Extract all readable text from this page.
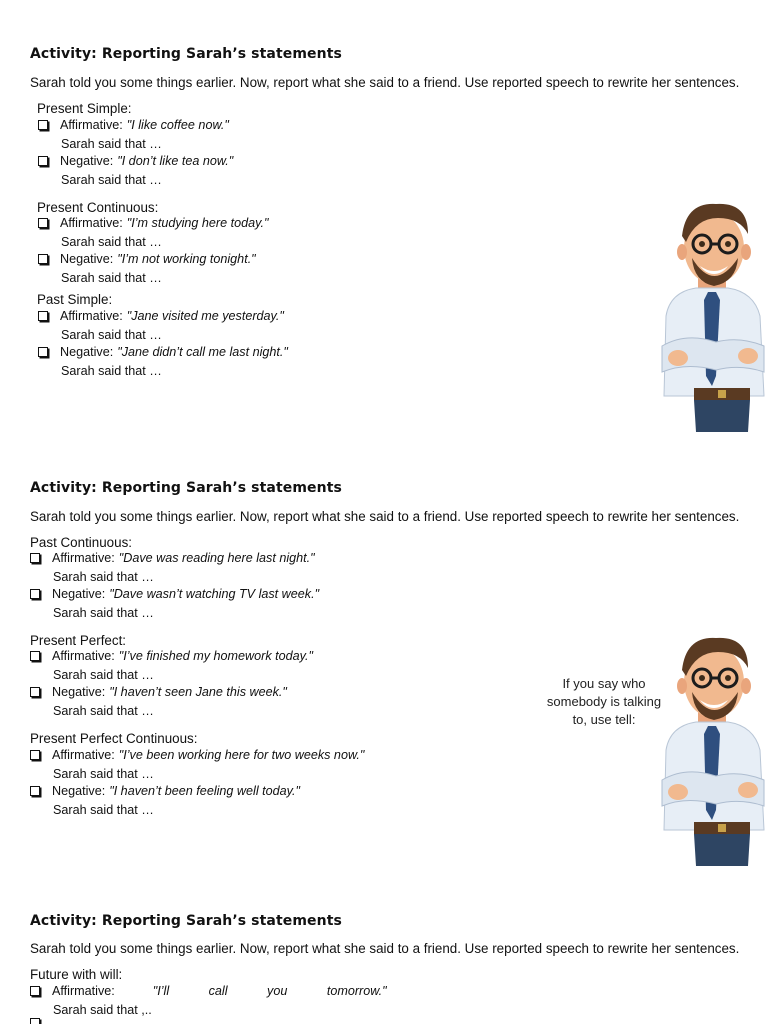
Activity: Reporting Sarah’s statements
Sarah told you some things earlier. Now, report what she said to a friend. Use reported speech to rewrite her sentences.
Present Simple:
Affirmative: "I like coffee now."
Sarah said that …
Negative: "I don’t like tea now."
Sarah said that …
Present Continuous:
Affirmative: "I’m studying here today."
Sarah said that …
Negative: "I’m not working tonight."
Sarah said that …
Past Simple:
Affirmative: "Jane visited me yesterday."
Sarah said that …
Negative: "Jane didn’t call me last night."
Sarah said that …
Activity: Reporting Sarah’s statements
Sarah told you some things earlier. Now, report what she said to a friend. Use reported speech to rewrite her sentences.
Past Continuous:
Affirmative: "Dave was reading here last night."
Sarah said that …
Negative: "Dave wasn’t watching TV last week."
Sarah said that …
Present Perfect:
Affirmative: "I’ve finished my homework today."
Sarah said that …
Negative: "I haven’t seen Jane this week."
Sarah said that …
Present Perfect Continuous:
Affirmative: "I’ve been working here for two weeks now."
Sarah said that …
Negative: "I haven’t been feeling well today."
Sarah said that …
If you say who somebody is talking to, use tell:
Activity: Reporting Sarah’s statements
Sarah told you some things earlier. Now, report what she said to a friend. Use reported speech to rewrite her sentences.
Future with will:
Affirmative:	"I’ll call you tomorrow."
Sarah said that ,..
